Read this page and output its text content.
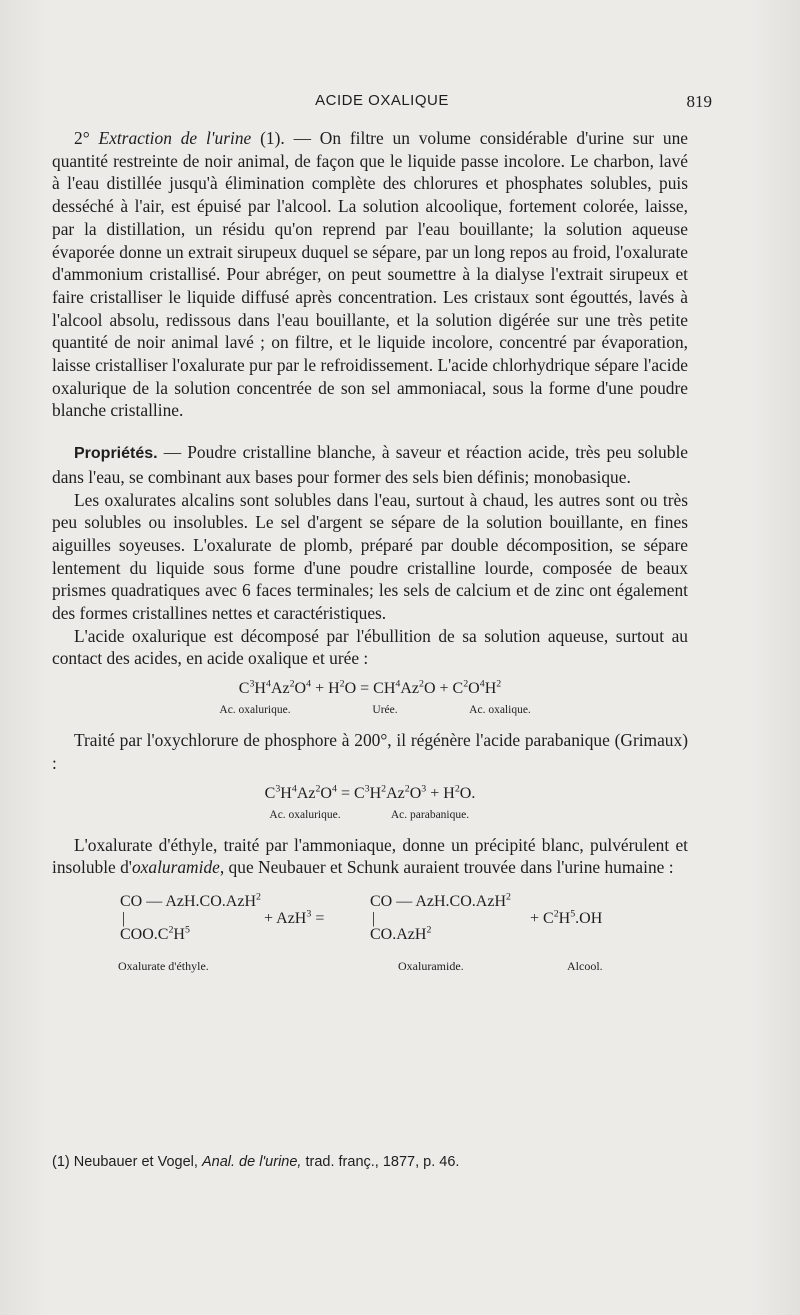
ACIDE OXALIQUE	819

2° Extraction de l'urine (1). — On filtre un volume considérable d'urine sur une quantité restreinte de noir animal, de façon que le liquide passe incolore. Le charbon, lavé à l'eau distillée jusqu'à élimination complète des chlorures et phosphates solubles, puis desséché à l'air, est épuisé par l'alcool. La solution alcoolique, fortement colorée, laisse, par la distillation, un résidu qu'on reprend par l'eau bouillante; la solution aqueuse évaporée donne un extrait sirupeux duquel se sépare, par un long repos au froid, l'oxalurate d'ammonium cristallisé. Pour abréger, on peut soumettre à la dialyse l'extrait sirupeux et faire cristalliser le liquide diffusé après concentration. Les cristaux sont égouttés, lavés à l'alcool absolu, redissous dans l'eau bouillante, et la solution digérée sur une très petite quantité de noir animal lavé ; on filtre, et le liquide incolore, concentré par évaporation, laisse cristalliser l'oxalurate pur par le refroidissement. L'acide chlorhydrique sépare l'acide oxalurique de la solution concentrée de son sel ammoniacal, sous la forme d'une poudre blanche cristalline.

Propriétés. — Poudre cristalline blanche, à saveur et réaction acide, très peu soluble dans l'eau, se combinant aux bases pour former des sels bien définis; monobasique.

Les oxalurates alcalins sont solubles dans l'eau, surtout à chaud, les autres sont ou très peu solubles ou insolubles. Le sel d'argent se sépare de la solution bouillante, en fines aiguilles soyeuses. L'oxalurate de plomb, préparé par double décomposition, se sépare lentement du liquide sous forme d'une poudre cristalline lourde, composée de beaux prismes quadratiques avec 6 faces terminales; les sels de calcium et de zinc ont également des formes cristallines nettes et caractéristiques.

L'acide oxalurique est décomposé par l'ébullition de sa solution aqueuse, surtout au contact des acides, en acide oxalique et urée :

$C^3H^4Az^2O^4 + H^2O = CH^4Az^2O + C^2O^4H^2$
Ac. oxalurique.	Urée.	Ac. oxalique.

Traité par l'oxychlorure de phosphore à 200°, il régénère l'acide parabanique (Grimaux) :

$C^3H^4Az^2O^4 = C^3H^2Az^2O^3 + H^2O$.
Ac. oxalurique.	Ac. parabanique.

L'oxalurate d'éthyle, traité par l'ammoniaque, donne un précipité blanc, pulvérulent et insoluble d'oxaluramide, que Neubauer et Schunk auraient trouvée dans l'urine humaine :

CO — AzH.CO.AzH$^2$
|
$COO.C^2H^5$
+ AzH$^3$ =
CO — AzH.CO.AzH$^2$
|
CO.AzH$^2$
+ $C^2H^5.OH$
Oxalurate d'éthyle.	Oxaluramide.	Alcool.
(1) Neubauer et Vogel, Anal. de l'urine, trad. franç., 1877, p. 46.
